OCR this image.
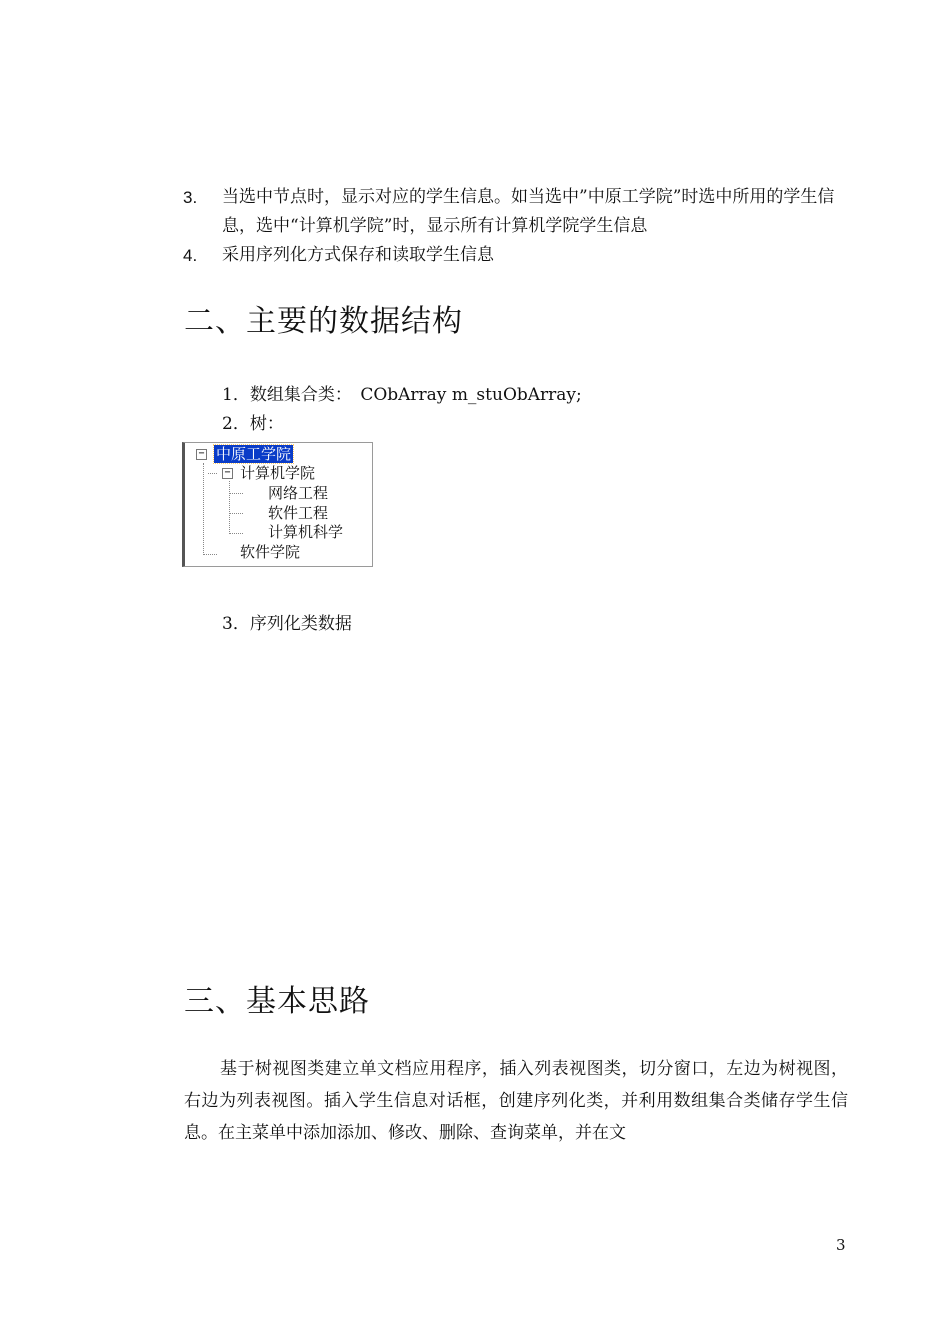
3. 当选中节点时，显示对应的学生信息。如当选中”中原工学院”时选中所用的学生信息，选中“计算机学院”时，显示所有计算机学院学生信息
4. 采用序列化方式保存和读取学生信息
二、主要的数据结构
1．数组集合类：　CObArray m_stuObArray;
2．树：
−
−
中原工学院
计算机学院
网络工程
软件工程
计算机科学
软件学院
3．序列化类数据
三、基本思路
基于树视图类建立单文档应用程序，插入列表视图类，切分窗口，左边为树视图，右边为列表视图。插入学生信息对话框，创建序列化类，并利用数组集合类储存学生信息。在主菜单中添加添加、修改、删除、查询菜单，并在文
3
